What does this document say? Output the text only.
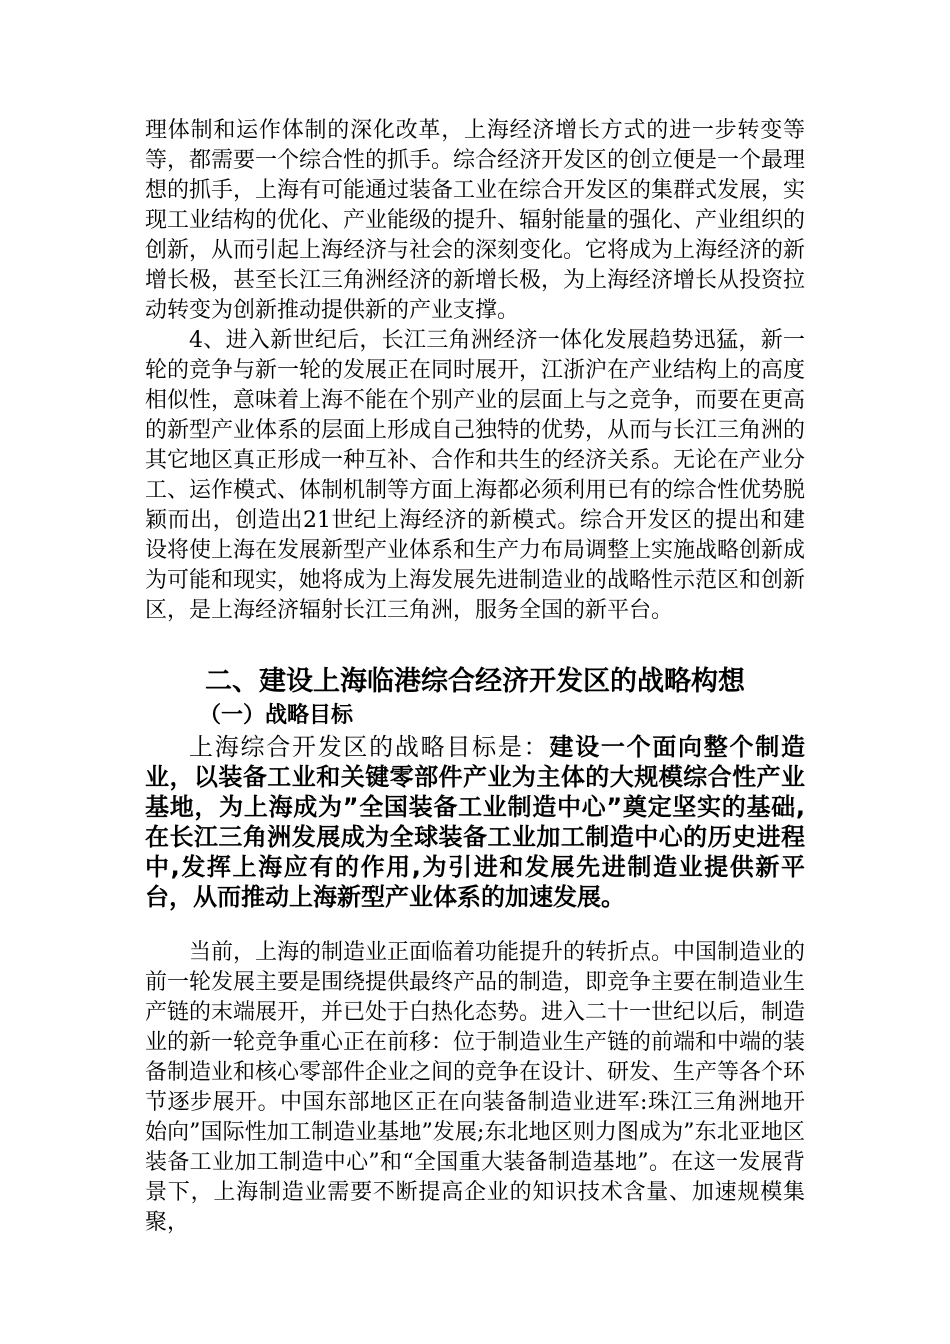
理体制和运作体制的深化改革，上海经济增长方式的进一步转变等等，都需要一个综合性的抓手。综合经济开发区的创立便是一个最理想的抓手，上海有可能通过装备工业在综合开发区的集群式发展，实现工业结构的优化、产业能级的提升、辐射能量的强化、产业组织的创新，从而引起上海经济与社会的深刻变化。它将成为上海经济的新增长极，甚至长江三角洲经济的新增长极，为上海经济增长从投资拉动转变为创新推动提供新的产业支撑。

4、进入新世纪后，长江三角洲经济一体化发展趋势迅猛，新一轮的竞争与新一轮的发展正在同时展开，江浙沪在产业结构上的高度相似性，意味着上海不能在个别产业的层面上与之竞争，而要在更高的新型产业体系的层面上形成自己独特的优势，从而与长江三角洲的其它地区真正形成一种互补、合作和共生的经济关系。无论在产业分工、运作模式、体制机制等方面上海都必须利用已有的综合性优势脱颖而出，创造出21世纪上海经济的新模式。综合开发区的提出和建设将使上海在发展新型产业体系和生产力布局调整上实施战略创新成为可能和现实，她将成为上海发展先进制造业的战略性示范区和创新区，是上海经济辐射长江三角洲，服务全国的新平台。

二、建设上海临港综合经济开发区的战略构想
（一）战略目标

上海综合开发区的战略目标是：建设一个面向整个制造业，以装备工业和关键零部件产业为主体的大规模综合性产业基地，为上海成为”全国装备工业制造中心”奠定坚实的基础,在长江三角洲发展成为全球装备工业加工制造中心的历史进程中,发挥上海应有的作用,为引进和发展先进制造业提供新平台，从而推动上海新型产业体系的加速发展。

当前，上海的制造业正面临着功能提升的转折点。中国制造业的前一轮发展主要是围绕提供最终产品的制造，即竞争主要在制造业生产链的末端展开，并已处于白热化态势。进入二十一世纪以后，制造业的新一轮竞争重心正在前移：位于制造业生产链的前端和中端的装备制造业和核心零部件企业之间的竞争在设计、研发、生产等各个环节逐步展开。中国东部地区正在向装备制造业进军:珠江三角洲地开始向”国际性加工制造业基地”发展;东北地区则力图成为”东北亚地区装备工业加工制造中心”和“全国重大装备制造基地”。在这一发展背景下，上海制造业需要不断提高企业的知识技术含量、加速规模集聚，
